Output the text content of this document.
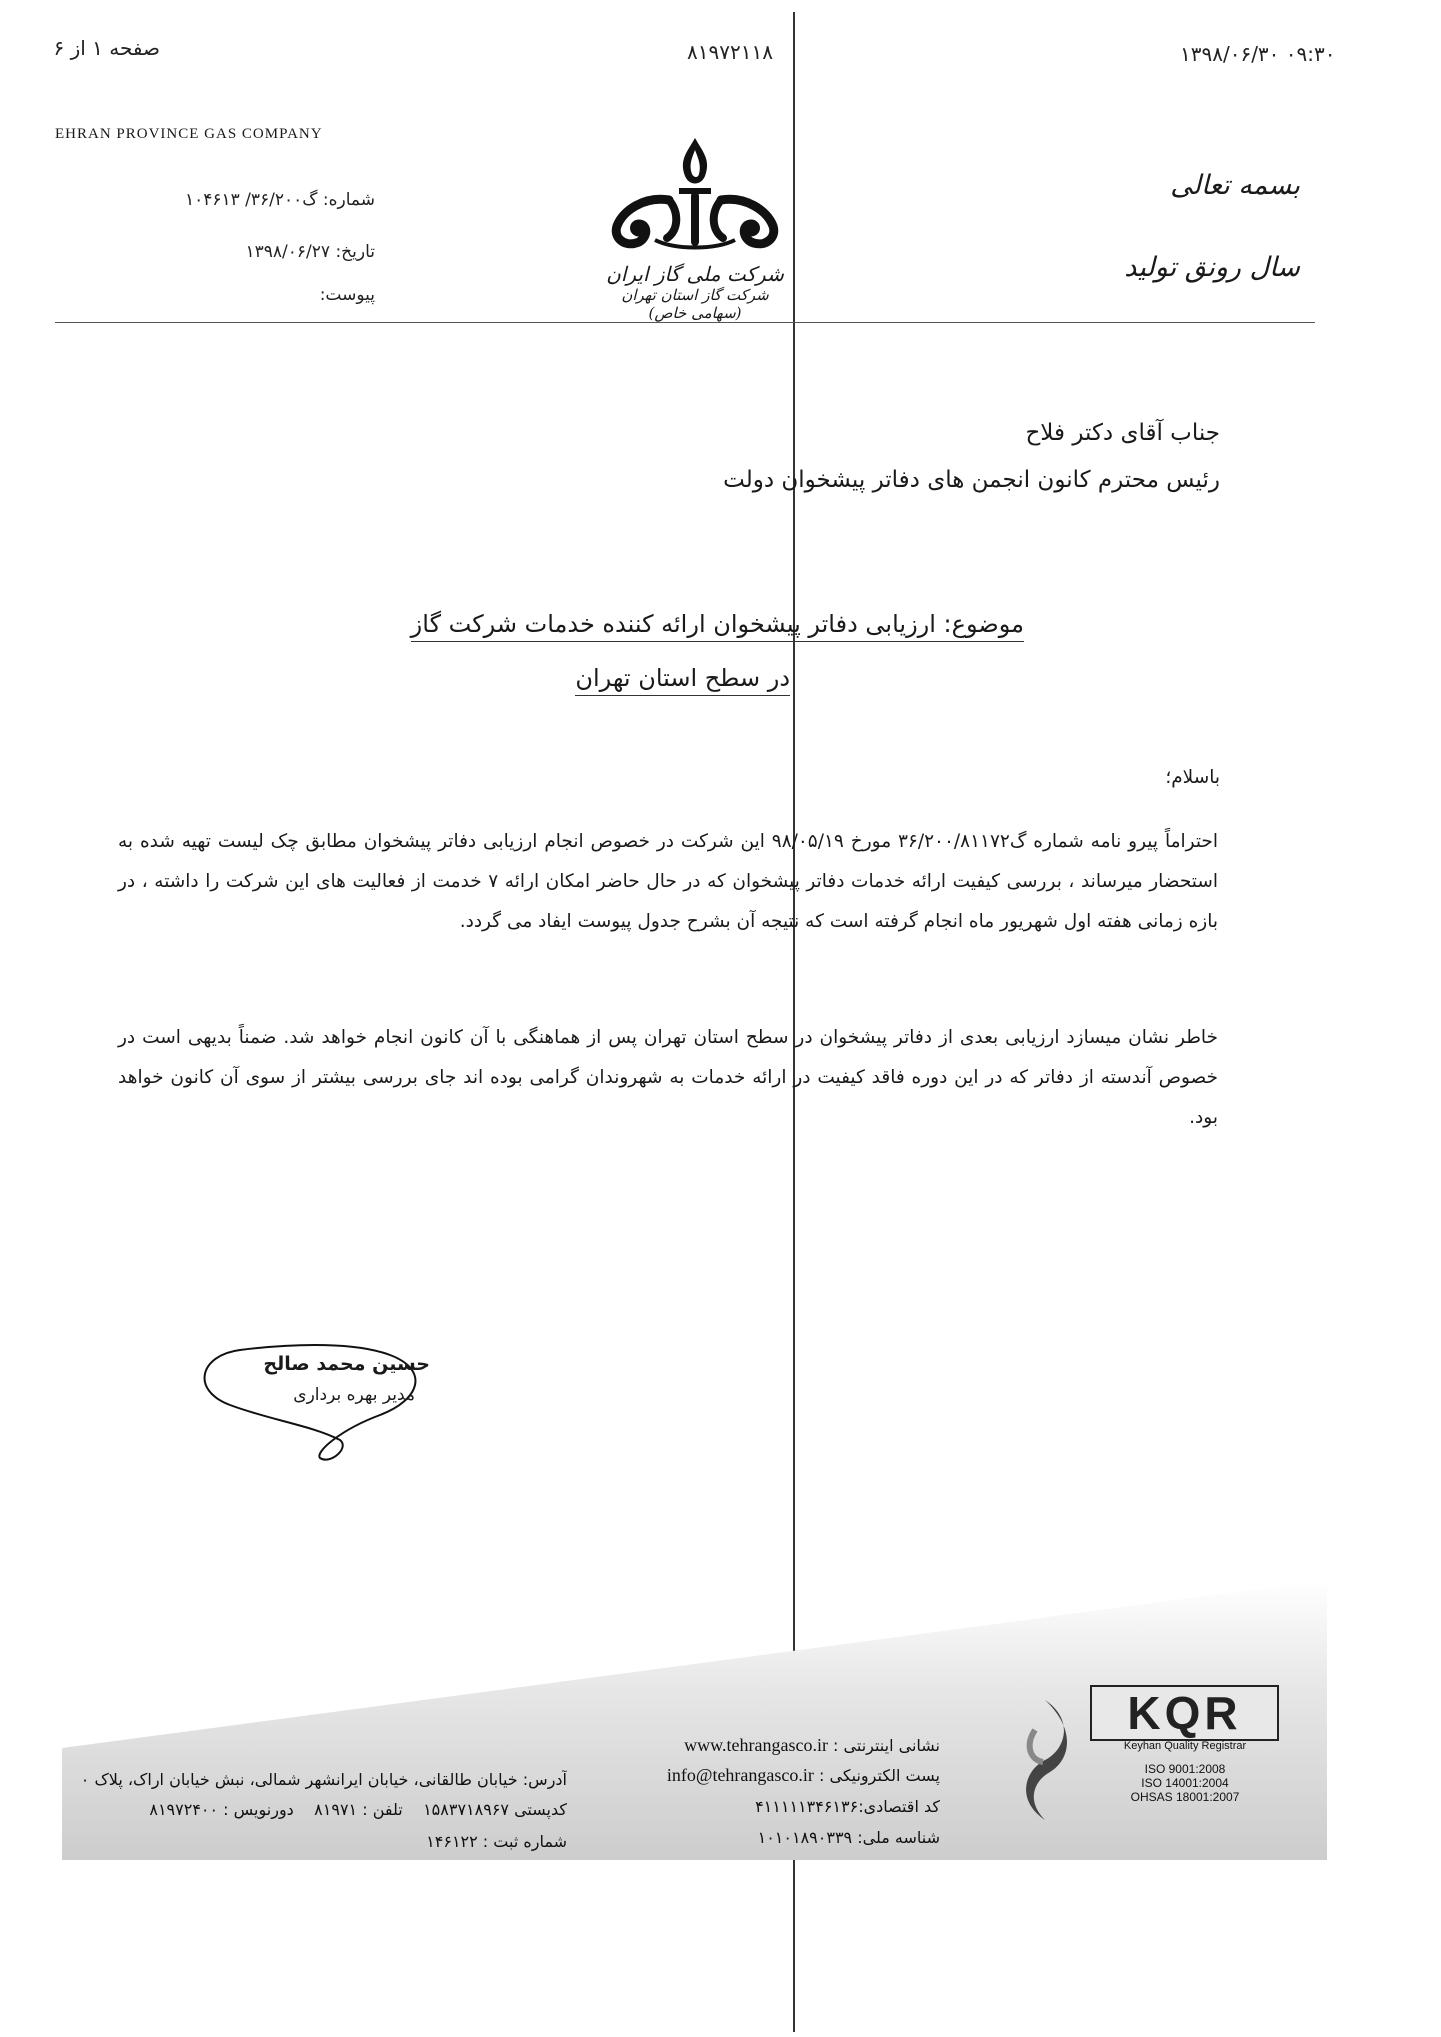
صفحه ۱ از ۶	۸۱۹۷۲۱۱۸	۱۳۹۸/۰۶/۳۰ ۰۹:۳۰
EHRAN PROVINCE GAS COMPANY
شماره: گ۳۶/۲۰۰/ ۱۰۴۶۱۳
تاریخ: ۱۳۹۸/۰۶/۲۷
پیوست:
شرکت ملی گاز ایران
شرکت گاز استان تهران (سهامی خاص)
بسمه تعالی
سال رونق تولید
جناب آقای دکتر فلاح
رئیس محترم کانون انجمن های دفاتر پیشخوان دولت
موضوع: ارزیابی دفاتر پیشخوان ارائه کننده خدمات شرکت گاز
در سطح استان تهران
باسلام؛
احتراماً پیرو نامه شماره گ۳۶/۲۰۰/۸۱۱۷۲ مورخ ۹۸/۰۵/۱۹ این شرکت در خصوص انجام ارزیابی دفاتر پیشخوان مطابق چک لیست تهیه شده به استحضار میرساند ، بررسی کیفیت ارائه خدمات دفاتر پیشخوان که در حال حاضر امکان ارائه ۷ خدمت از فعالیت های این شرکت را داشته ، در بازه زمانی هفته اول شهریور ماه انجام گرفته است که نتیجه آن بشرح جدول پیوست ایفاد می گردد.
خاطر نشان میسازد ارزیابی بعدی از دفاتر پیشخوان در سطح استان تهران پس از هماهنگی با آن کانون انجام خواهد شد. ضمناً بدیهی است در خصوص آندسته از دفاتر که در این دوره فاقد کیفیت در ارائه خدمات به شهروندان گرامی بوده اند جای بررسی بیشتر از سوی آن کانون خواهد بود.
حسین محمد صالح
مدیر بهره برداری
KQR
Keyhan Quality Registrar
ISO 9001:2008
ISO 14001:2004
OHSAS 18001:2007
نشانی اینترنتی : www.tehrangasco.ir
پست الکترونیکی : info@tehrangasco.ir
کد اقتصادی:۴۱۱۱۱۱۳۴۶۱۳۶
شناسه ملی: ۱۰۱۰۱۸۹۰۳۳۹
آدرس: خیابان طالقانی، خیابان ایرانشهر شمالی، نبش خیابان اراک، پلاک ۰
کدپستی ۱۵۸۳۷۱۸۹۶۷    تلفن : ۸۱۹۷۱    دورنویس : ۸۱۹۷۲۴۰۰
شماره ثبت : ۱۴۶۱۲۲
